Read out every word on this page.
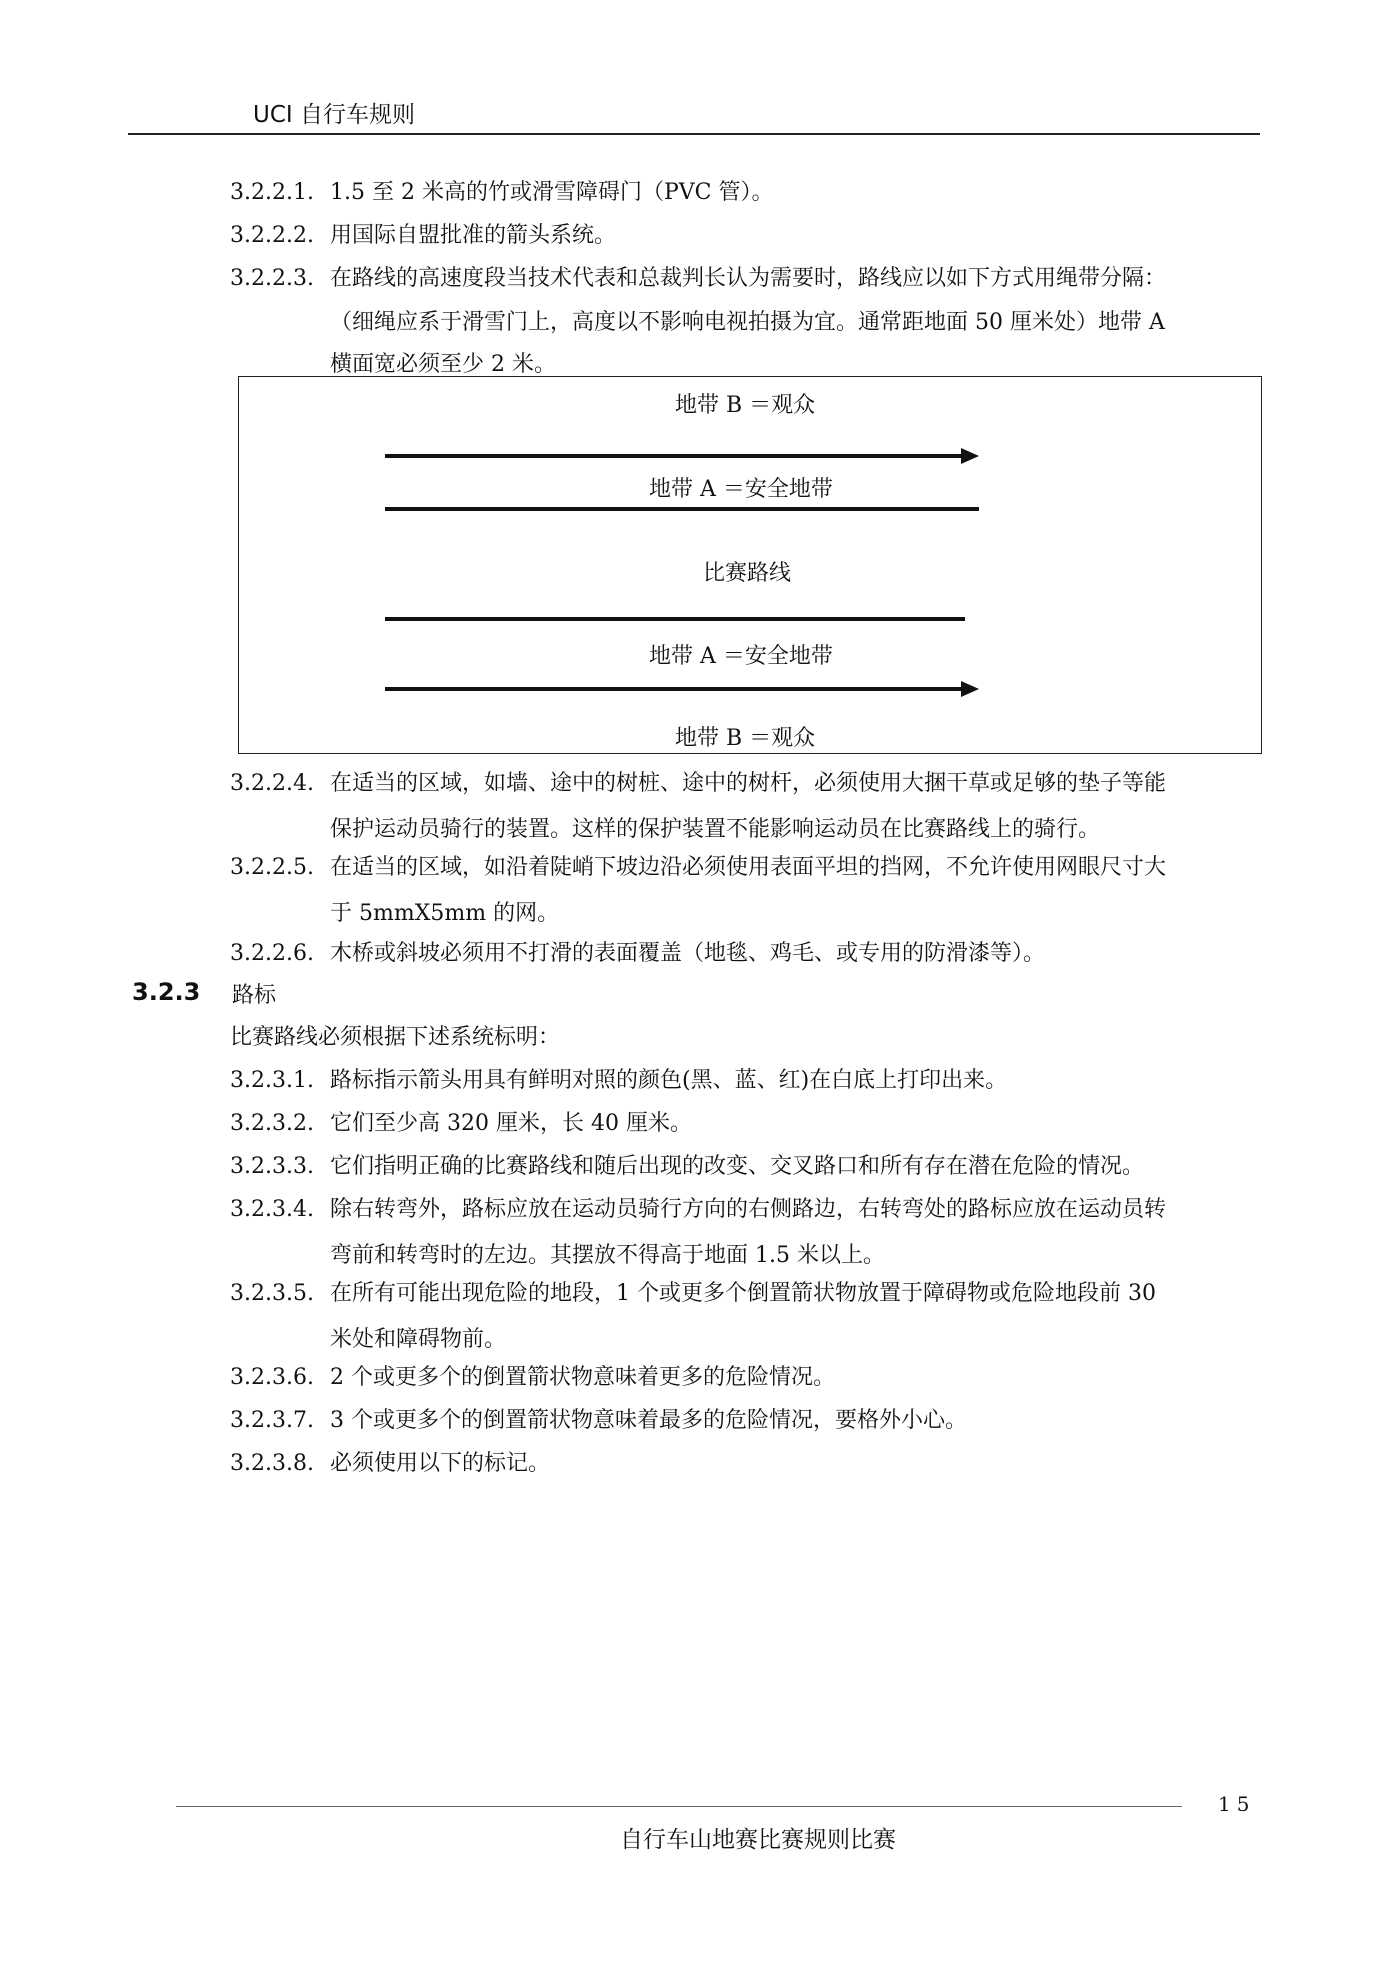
UCI 自行车规则
3.2.2.1. 1.5 至 2 米高的竹或滑雪障碍门（PVC 管）。
3.2.2.2. 用国际自盟批准的箭头系统。
3.2.2.3. 在路线的高速度段当技术代表和总裁判长认为需要时，路线应以如下方式用绳带分隔：
（细绳应系于滑雪门上，高度以不影响电视拍摄为宜。通常距地面 50 厘米处）地带 A
横面宽必须至少 2 米。
地带 B ＝观众
地带 A ＝安全地带
比赛路线
地带 A ＝安全地带
地带 B ＝观众
3.2.2.4. 在适当的区域，如墙、途中的树桩、途中的树杆，必须使用大捆干草或足够的垫子等能
保护运动员骑行的装置。这样的保护装置不能影响运动员在比赛路线上的骑行。
3.2.2.5. 在适当的区域，如沿着陡峭下坡边沿必须使用表面平坦的挡网，不允许使用网眼尺寸大
于 5mmX5mm 的网。
3.2.2.6. 木桥或斜坡必须用不打滑的表面覆盖（地毯、鸡毛、或专用的防滑漆等）。
3.2.3 路标
比赛路线必须根据下述系统标明：
3.2.3.1. 路标指示箭头用具有鲜明对照的颜色(黑、蓝、红)在白底上打印出来。
3.2.3.2. 它们至少高 320 厘米，长 40 厘米。
3.2.3.3. 它们指明正确的比赛路线和随后出现的改变、交叉路口和所有存在潜在危险的情况。
3.2.3.4. 除右转弯外，路标应放在运动员骑行方向的右侧路边，右转弯处的路标应放在运动员转
弯前和转弯时的左边。其摆放不得高于地面 1.5 米以上。
3.2.3.5. 在所有可能出现危险的地段，1 个或更多个倒置箭状物放置于障碍物或危险地段前 30
米处和障碍物前。
3.2.3.6. 2 个或更多个的倒置箭状物意味着更多的危险情况。
3.2.3.7. 3 个或更多个的倒置箭状物意味着最多的危险情况，要格外小心。
3.2.3.8. 必须使用以下的标记。
15
自行车山地赛比赛规则比赛
